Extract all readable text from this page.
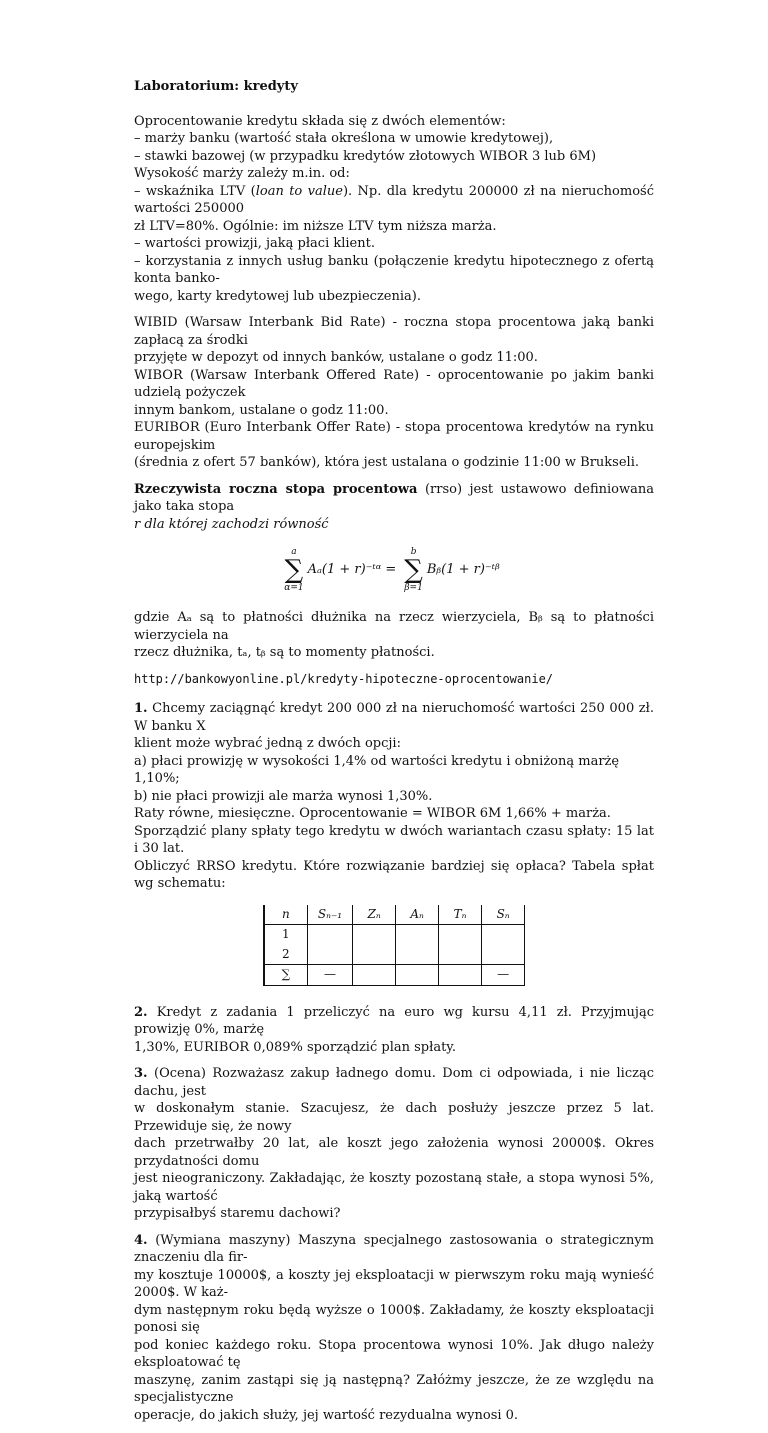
Laboratorium: kredyty

Oprocentowanie kredytu składa się z dwóch elementów:
– marży banku (wartość stała określona w umowie kredytowej),
– stawki bazowej (w przypadku kredytów złotowych WIBOR 3 lub 6M)
Wysokość marży zależy m.in. od:
– wskaźnika LTV (loan to value). Np. dla kredytu 200000 zł na nieruchomość wartości 250000
zł LTV=80%. Ogólnie: im niższe LTV tym niższa marża.
– wartości prowizji, jaką płaci klient.
– korzystania z innych usług banku (połączenie kredytu hipotecznego z ofertą konta banko-
wego, karty kredytowej lub ubezpieczenia).

WIBID (Warsaw Interbank Bid Rate) - roczna stopa procentowa jaką banki zapłacą za środki
przyjęte w depozyt od innych banków, ustalane o godz 11:00.
WIBOR (Warsaw Interbank Offered Rate) - oprocentowanie po jakim banki udzielą pożyczek
innym bankom, ustalane o godz 11:00.
EURIBOR (Euro Interbank Offer Rate) - stopa procentowa kredytów na rynku europejskim
(średnia z ofert 57 banków), która jest ustalana o godzinie 11:00 w Brukseli.

Rzeczywista roczna stopa procentowa (rrso) jest ustawowo definiowana jako taka stopa
r dla której zachodzi równość

a
∑
α=1
Aₐ(1 + r)⁻ᵗᵅ =
b
∑
β=1
Bᵦ(1 + r)⁻ᵗᵝ

gdzie Aₐ są to płatności dłużnika na rzecz wierzyciela, Bᵦ są to płatności wierzyciela na
rzecz dłużnika, tₐ, tᵦ są to momenty płatności.

http://bankowyonline.pl/kredyty-hipoteczne-oprocentowanie/

1. Chcemy zaciągnąć kredyt 200 000 zł na nieruchomość wartości 250 000 zł. W banku X
klient może wybrać jedną z dwóch opcji:
a) płaci prowizję w wysokości 1,4% od wartości kredytu i obniżoną marżę 1,10%;
b) nie płaci prowizji ale marża wynosi 1,30%.
Raty równe, miesięczne. Oprocentowanie = WIBOR 6M 1,66% + marża.
Sporządzić plany spłaty tego kredytu w dwóch wariantach czasu spłaty: 15 lat i 30 lat.
Obliczyć RRSO kredytu. Które rozwiązanie bardziej się opłaca? Tabela spłat wg schematu:

n	Sₙ₋₁	Zₙ	Aₙ	Tₙ	Sₙ
1					
2					
∑	—				—

2. Kredyt z zadania 1 przeliczyć na euro wg kursu 4,11 zł. Przyjmując prowizję 0%, marżę
1,30%, EURIBOR 0,089% sporządzić plan spłaty.

3. (Ocena) Rozważasz zakup ładnego domu. Dom ci odpowiada, i nie licząc dachu, jest
w doskonałym stanie. Szacujesz, że dach posłuży jeszcze przez 5 lat. Przewiduje się, że nowy
dach przetrwałby 20 lat, ale koszt jego założenia wynosi 20000$. Okres przydatności domu
jest nieograniczony. Zakładając, że koszty pozostaną stałe, a stopa wynosi 5%, jaką wartość
przypisałbyś staremu dachowi?

4. (Wymiana maszyny) Maszyna specjalnego zastosowania o strategicznym znaczeniu dla fir-
my kosztuje 10000$, a koszty jej eksploatacji w pierwszym roku mają wynieść 2000$. W każ-
dym następnym roku będą wyższe o 1000$. Zakładamy, że koszty eksploatacji ponosi się
pod koniec każdego roku. Stopa procentowa wynosi 10%. Jak długo należy eksploatować tę
maszynę, zanim zastąpi się ją następną? Załóżmy jeszcze, że ze względu na specjalistyczne
operacje, do jakich służy, jej wartość rezydualna wynosi 0.
